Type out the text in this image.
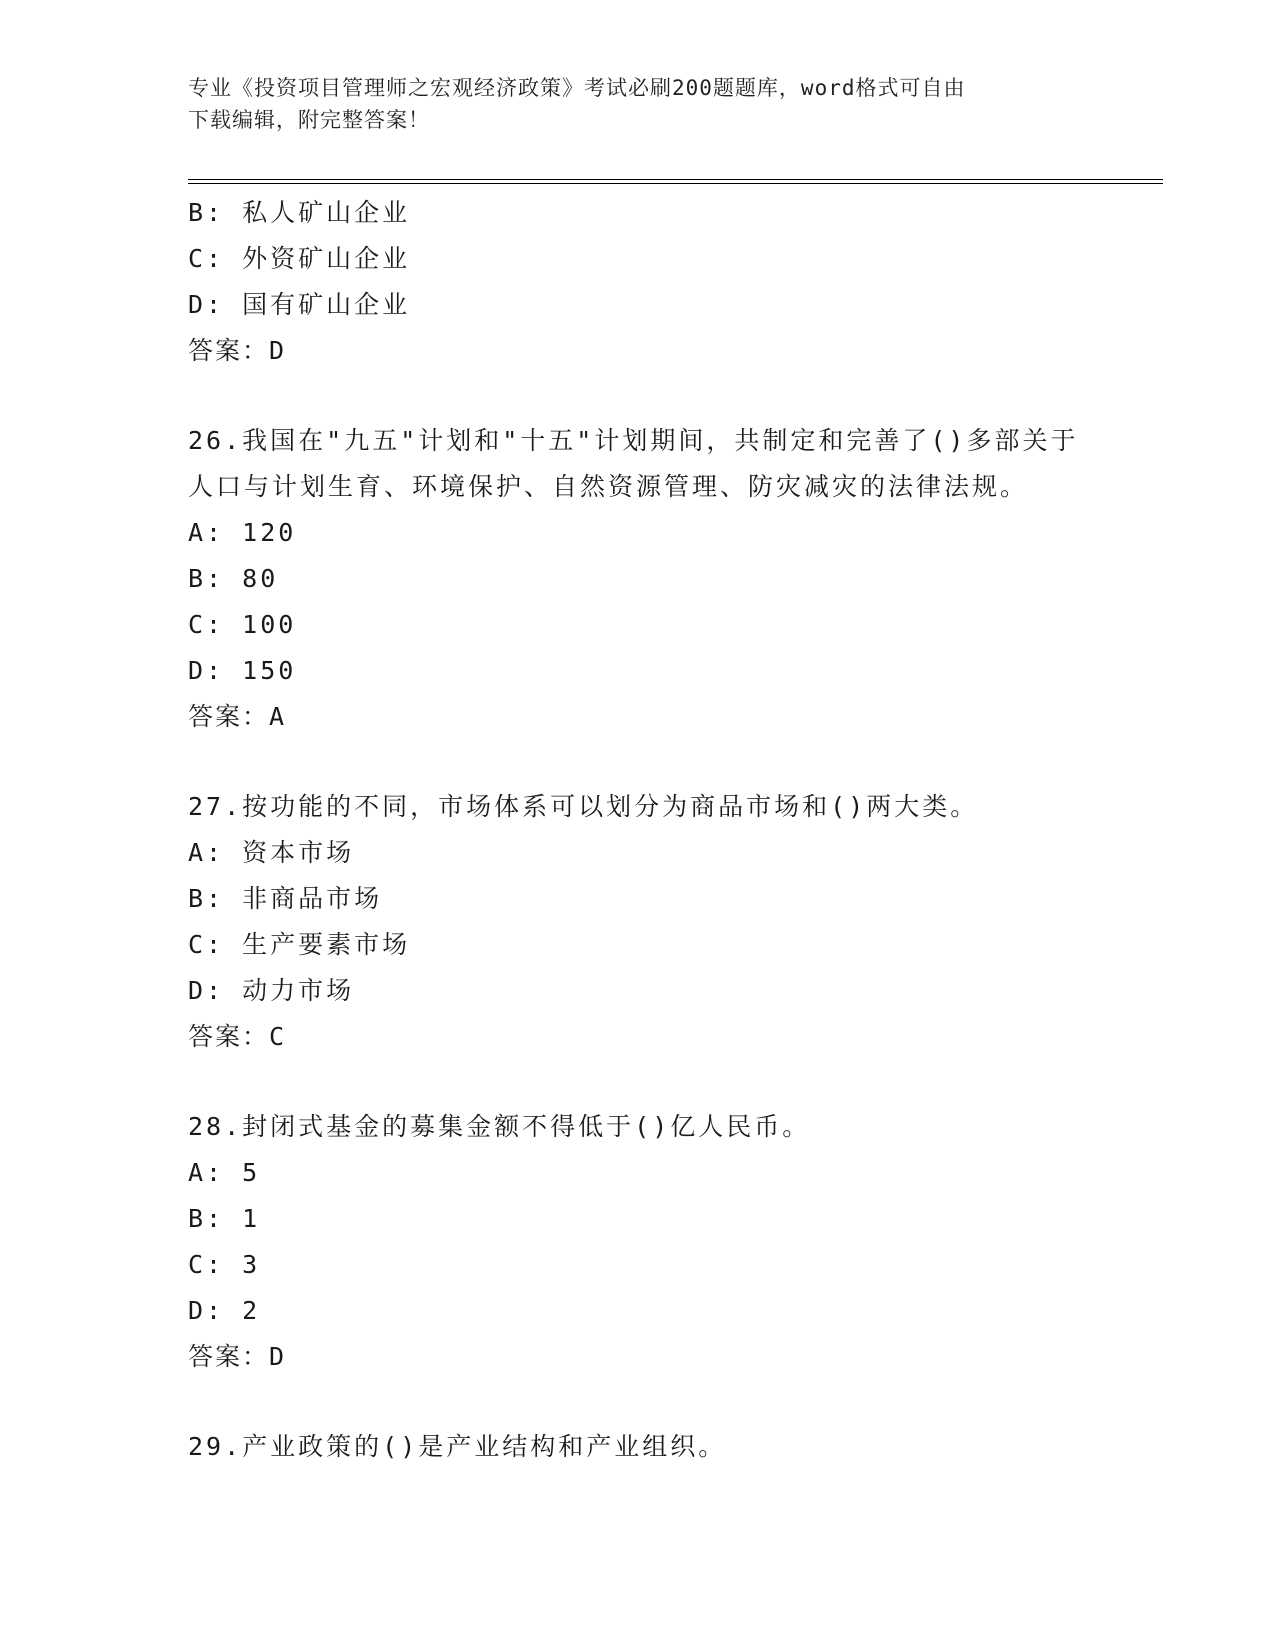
专业《投资项目管理师之宏观经济政策》考试必刷200题题库，word格式可自由
下载编辑，附完整答案！
B: 私人矿山企业
C: 外资矿山企业
D: 国有矿山企业
答案：D
26.我国在"九五"计划和"十五"计划期间，共制定和完善了()多部关于
人口与计划生育、环境保护、自然资源管理、防灾减灾的法律法规。
A: 120
B: 80
C: 100
D: 150
答案：A
27.按功能的不同，市场体系可以划分为商品市场和()两大类。
A: 资本市场
B: 非商品市场
C: 生产要素市场
D: 动力市场
答案：C
28.封闭式基金的募集金额不得低于()亿人民币。
A: 5
B: 1
C: 3
D: 2
答案：D
29.产业政策的()是产业结构和产业组织。
